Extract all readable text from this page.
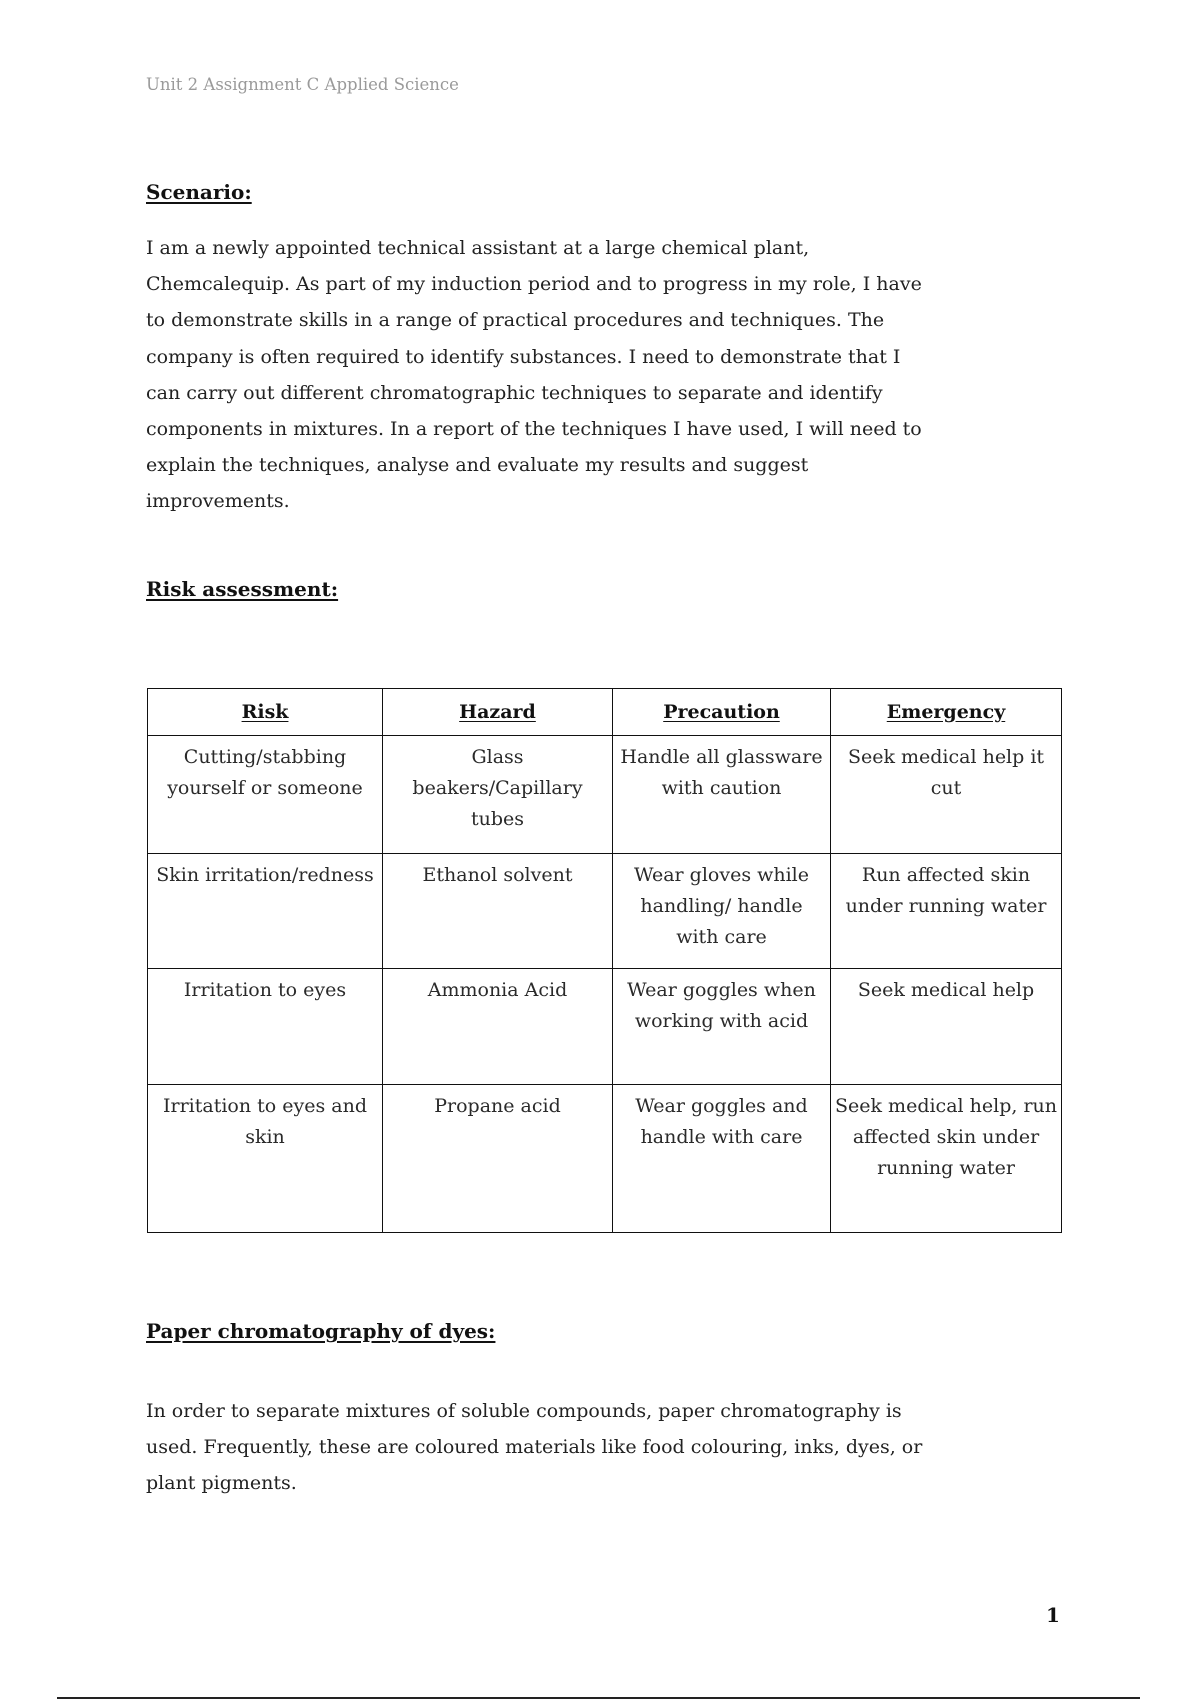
Unit 2 Assignment C Applied Science
Scenario:
I am a newly appointed technical assistant at a large chemical plant,
Chemcalequip. As part of my induction period and to progress in my role, I have
to demonstrate skills in a range of practical procedures and techniques. The
company is often required to identify substances. I need to demonstrate that I
can carry out different chromatographic techniques to separate and identify
components in mixtures. In a report of the techniques I have used, I will need to
explain the techniques, analyse and evaluate my results and suggest
improvements.
Risk assessment:
Risk	Hazard	Precaution	Emergency
Cutting/stabbing yourself or someone	Glass beakers/Capillary tubes	Handle all glassware with caution	Seek medical help it cut
Skin irritation/redness	Ethanol solvent	Wear gloves while handling/ handle with care	Run affected skin under running water
Irritation to eyes	Ammonia Acid	Wear goggles when working with acid	Seek medical help
Irritation to eyes and skin	Propane acid	Wear goggles and handle with care	Seek medical help, run affected skin under running water
Paper chromatography of dyes:
In order to separate mixtures of soluble compounds, paper chromatography is
used. Frequently, these are coloured materials like food colouring, inks, dyes, or
plant pigments.
1
